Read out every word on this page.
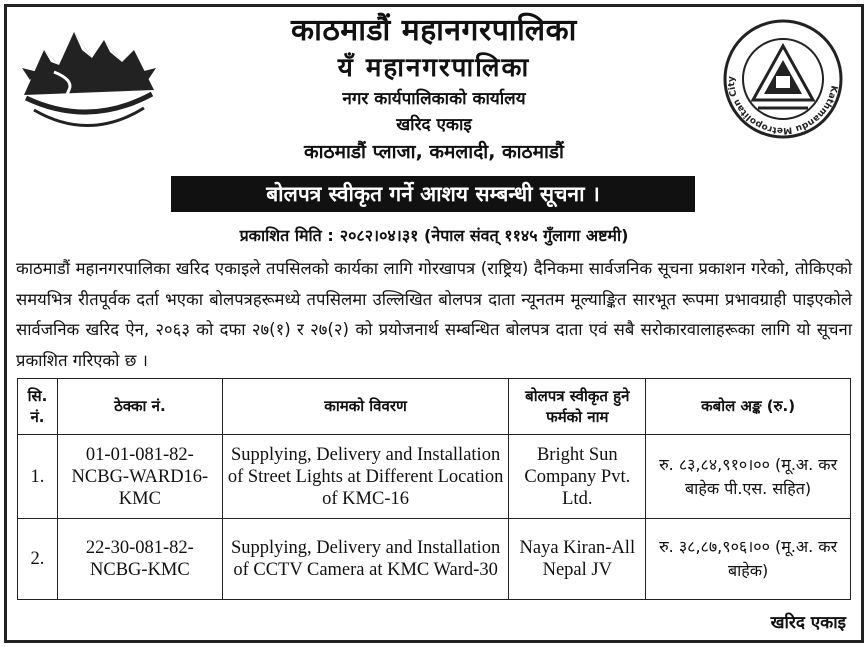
Kathmandu Metropolitan City
काठमाडौं महानगरपालिका
यँ महानगरपालिका
नगर कार्यपालिकाको कार्यालय
खरिद एकाइ
काठमाडौं प्लाजा, कमलादी, काठमाडौं
बोलपत्र स्वीकृत गर्ने आशय सम्बन्धी सूचना ।
प्रकाशित मिति : २०८२।०४।३१ (नेपाल संवत् ११४५ गुँलागा अष्टमी)
काठमाडौं महानगरपालिका खरिद एकाइले तपसिलको कार्यका लागि गोरखापत्र (राष्ट्रिय) दैनिकमा सार्वजनिक सूचना प्रकाशन गरेको, तोकिएको समयभित्र रीतपूर्वक दर्ता भएका बोलपत्रहरूमध्ये तपसिलमा उल्लिखित बोलपत्र दाता न्यूनतम मूल्याङ्कित सारभूत रूपमा प्रभावग्राही पाइएकोले सार्वजनिक खरिद ऐन, २०६३ को दफा २७(१) र २७(२) को प्रयोजनार्थ सम्बन्धित बोलपत्र दाता एवं सबै सरोकारवालाहरूका लागि यो सूचना प्रकाशित गरिएको छ ।
सि. नं.	ठेक्का नं.	कामको विवरण	बोलपत्र स्वीकृत हुने फर्मको नाम	कबोल अङ्क (रु.)
1.	01-01-081-82-NCBG-WARD16-KMC	Supplying, Delivery and Installation of Street Lights at Different Location of KMC-16	Bright Sun Company Pvt. Ltd.	रु. ८३,८४,९१०।०० (मू.अ. कर बाहेक पी.एस. सहित)
2.	22-30-081-82-NCBG-KMC	Supplying, Delivery and Installation of CCTV Camera at KMC Ward-30	Naya Kiran-All Nepal JV	रु. ३८,८७,९०६।०० (मू.अ. कर बाहेक)
खरिद एकाइ
